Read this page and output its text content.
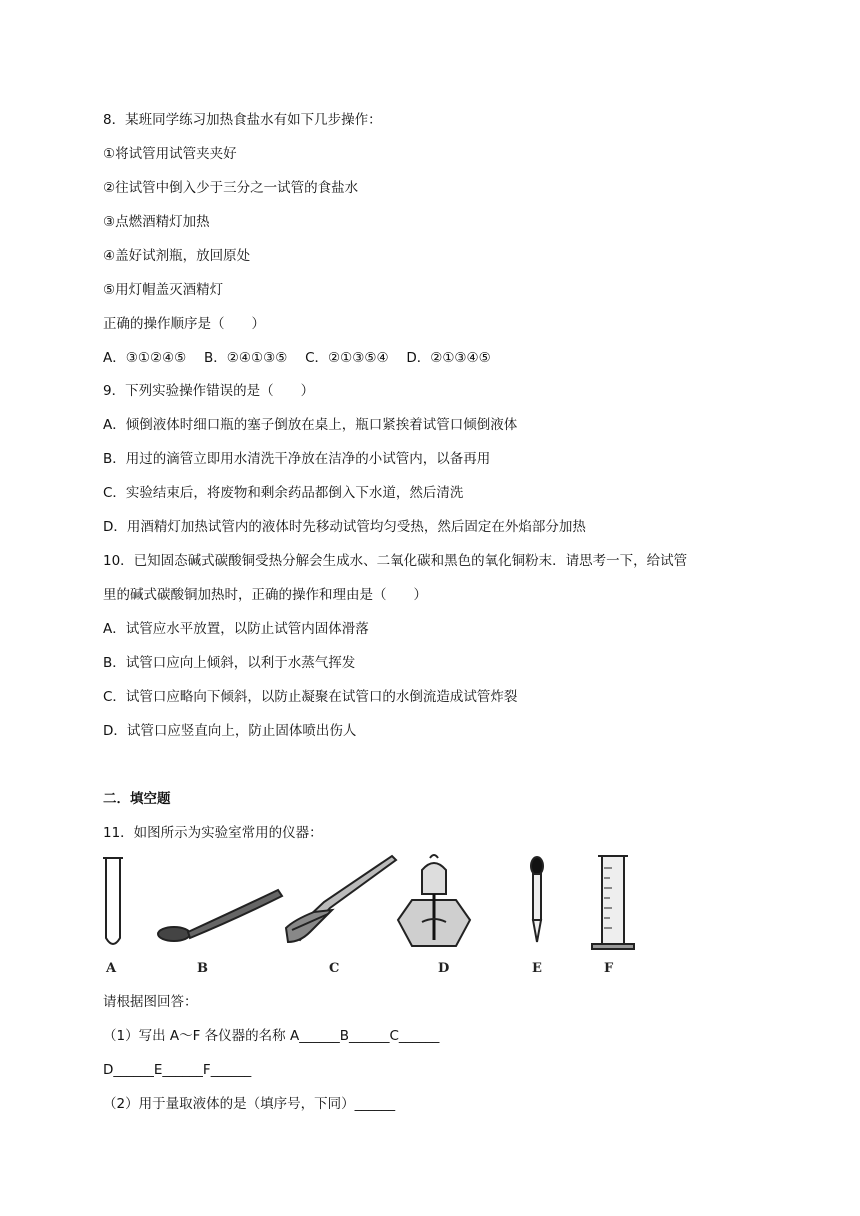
8．某班同学练习加热食盐水有如下几步操作：
①将试管用试管夹夹好
②往试管中倒入少于三分之一试管的食盐水
③点燃酒精灯加热
④盖好试剂瓶，放回原处
⑤用灯帽盖灭酒精灯
正确的操作顺序是（　　）
A．③①②④⑤　 B．②④①③⑤　 C．②①③⑤④　 D．②①③④⑤
9．下列实验操作错误的是（　　）
A．倾倒液体时细口瓶的塞子倒放在桌上，瓶口紧挨着试管口倾倒液体
B．用过的滴管立即用水清洗干净放在洁净的小试管内，以备再用
C．实验结束后，将废物和剩余药品都倒入下水道，然后清洗
D．用酒精灯加热试管内的液体时先移动试管均匀受热，然后固定在外焰部分加热
10．已知固态碱式碳酸铜受热分解会生成水、二氧化碳和黑色的氧化铜粉末．请思考一下，给试管
里的碱式碳酸铜加热时，正确的操作和理由是（　　）
A．试管应水平放置，以防止试管内固体滑落
B．试管口应向上倾斜，以利于水蒸气挥发
C．试管口应略向下倾斜，以防止凝聚在试管口的水倒流造成试管炸裂
D．试管口应竖直向上，防止固体喷出伤人
二．填空题
11．如图所示为实验室常用的仪器：
A	B	C	D	E	F
请根据图回答：
（1）写出 A～F 各仪器的名称 A______B______C______
D______E______F______
（2）用于量取液体的是（填序号，下同）______
